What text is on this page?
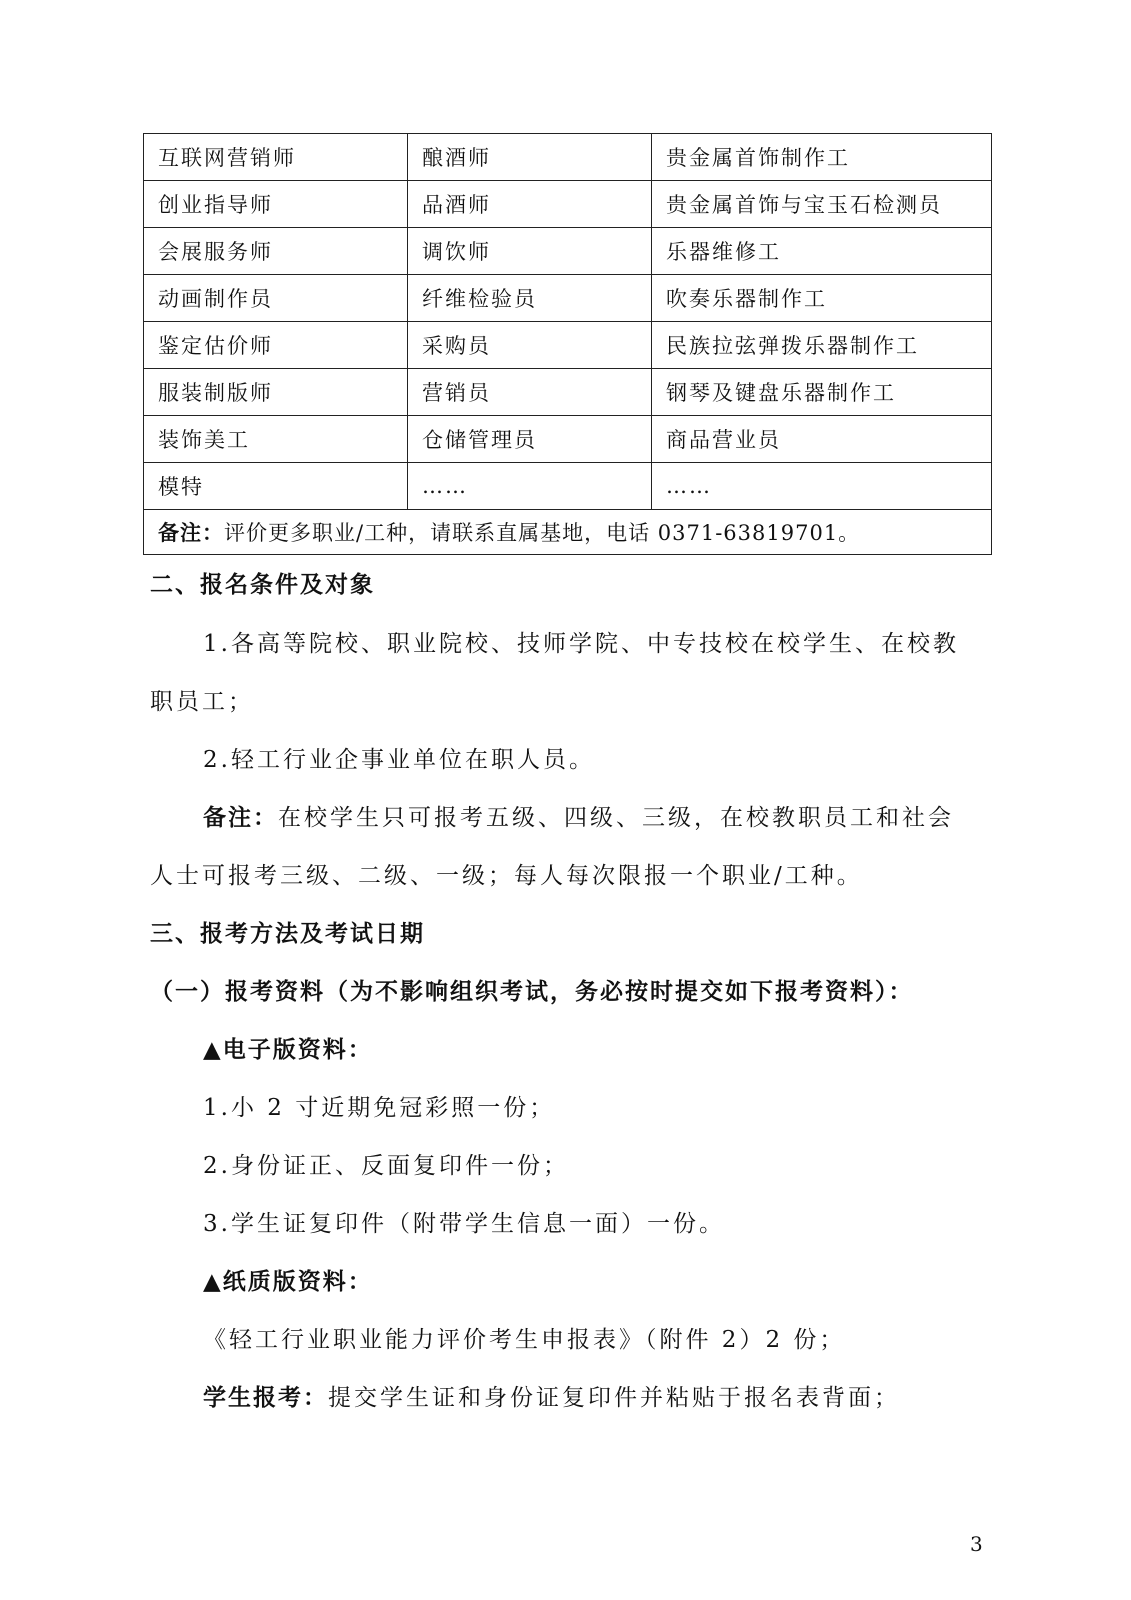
互联网营销师	酿酒师	贵金属首饰制作工
创业指导师	品酒师	贵金属首饰与宝玉石检测员
会展服务师	调饮师	乐器维修工
动画制作员	纤维检验员	吹奏乐器制作工
鉴定估价师	采购员	民族拉弦弹拨乐器制作工
服装制版师	营销员	钢琴及键盘乐器制作工
装饰美工	仓储管理员	商品营业员
模特	……	……
备注：评价更多职业/工种，请联系直属基地，电话 0371-63819701。		
二、报名条件及对象
1.各高等院校、职业院校、技师学院、中专技校在校学生、在校教
职员工；
2.轻工行业企事业单位在职人员。
备注：在校学生只可报考五级、四级、三级，在校教职员工和社会
人士可报考三级、二级、一级；每人每次限报一个职业/工种。
三、报考方法及考试日期
（一）报考资料（为不影响组织考试，务必按时提交如下报考资料）：
▲电子版资料：
1.小 2 寸近期免冠彩照一份；
2.身份证正、反面复印件一份；
3.学生证复印件（附带学生信息一面）一份。
▲纸质版资料：
《轻工行业职业能力评价考生申报表》（附件 2）2 份；
学生报考：提交学生证和身份证复印件并粘贴于报名表背面；
3
